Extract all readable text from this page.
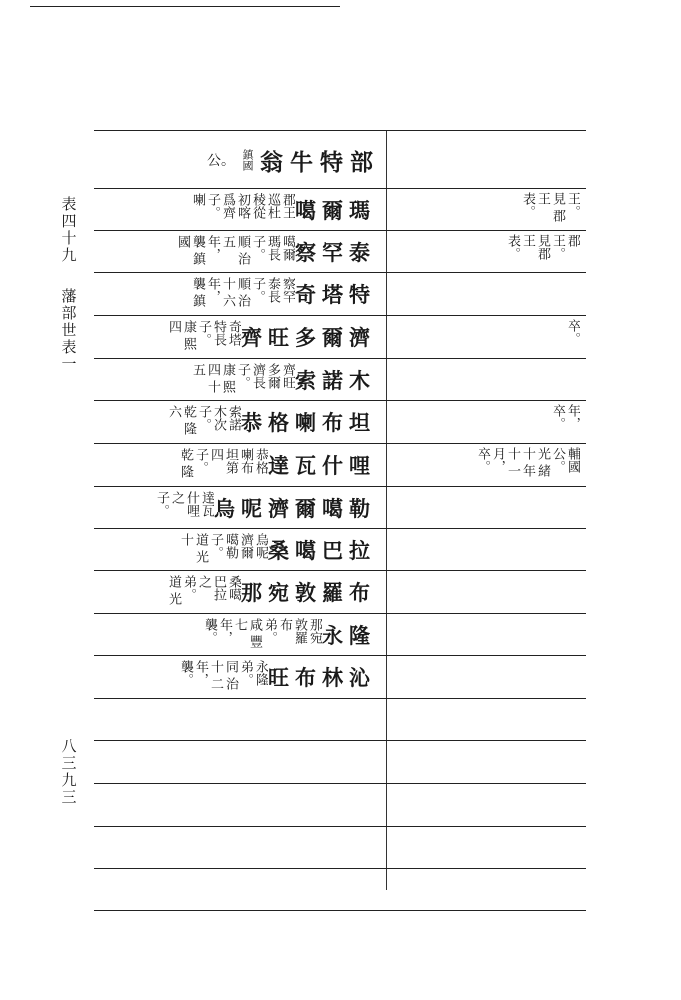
表四十九
藩部世表一
八三九三
公。 鎮國 翁牛特部
噶爾瑪
郡王 巡杜 稜從 初喀 爲齊 子。喇
察罕泰
噶爾 瑪長 子。順 治五 年，襲 鎮國
奇塔特
察罕 泰長 子。順 治十 六年，襲 鎮
齊旺多爾濟
奇塔 特長 子。康 熙四
索諾木
齊旺 多爾 濟長 子。康 熙四 十五
恭格喇布坦
索諾 木次 子。乾 隆六
達瓦什哩
恭格 喇布 坦第 四子。乾 隆
烏呢濟爾噶勒
達瓦 什哩 之子。
桑噶巴拉
烏呢 濟爾 噶勒 子。道 光十
那宛敦羅布
桑噶 巴拉 之弟。道 光
永隆
那宛 敦羅 布弟。咸 豐七 年，襲。
旺布林沁
永隆 弟。同 治十 二年，襲。
王。見 郡王 表。
郡王。 見郡 王表。
卒。
年， 卒。
輔國 公。光 緒十 年十 一月， 卒。
